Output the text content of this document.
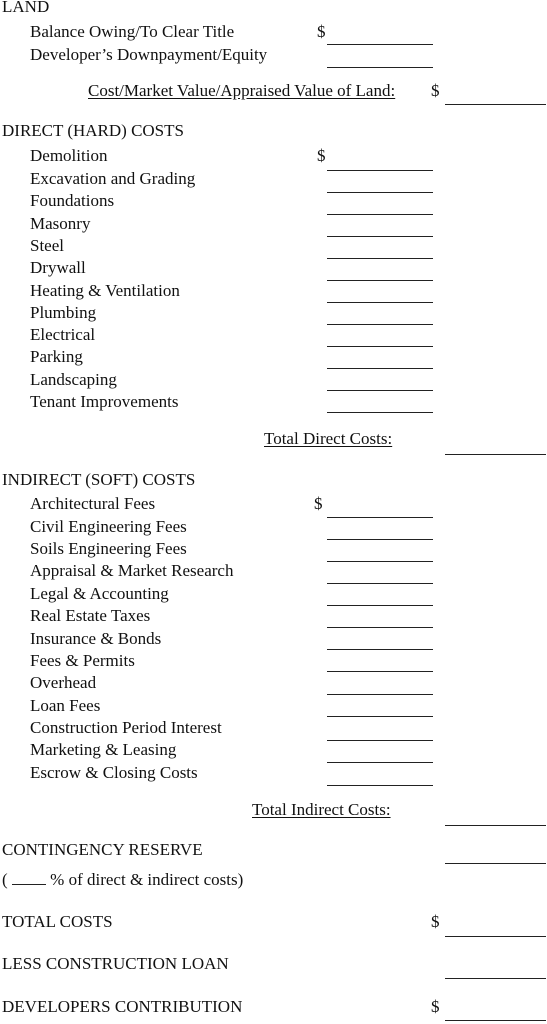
LAND
Balance Owing/To Clear Title	$
Developer’s Downpayment/Equity
Cost/Market Value/Appraised Value of Land: $
DIRECT (HARD) COSTS
Demolition	$
Excavation and Grading
Foundations
Masonry
Steel
Drywall
Heating & Ventilation
Plumbing
Electrical
Parking
Landscaping
Tenant Improvements
Total Direct Costs:
INDIRECT (SOFT) COSTS
Architectural Fees	$
Civil Engineering Fees
Soils Engineering Fees
Appraisal & Market Research
Legal & Accounting
Real Estate Taxes
Insurance & Bonds
Fees & Permits
Overhead
Loan Fees
Construction Period Interest
Marketing & Leasing
Escrow & Closing Costs
Total Indirect Costs:
CONTINGENCY RESERVE
(	% of direct & indirect costs)
TOTAL COSTS	$
LESS CONSTRUCTION LOAN
DEVELOPERS CONTRIBUTION	$
